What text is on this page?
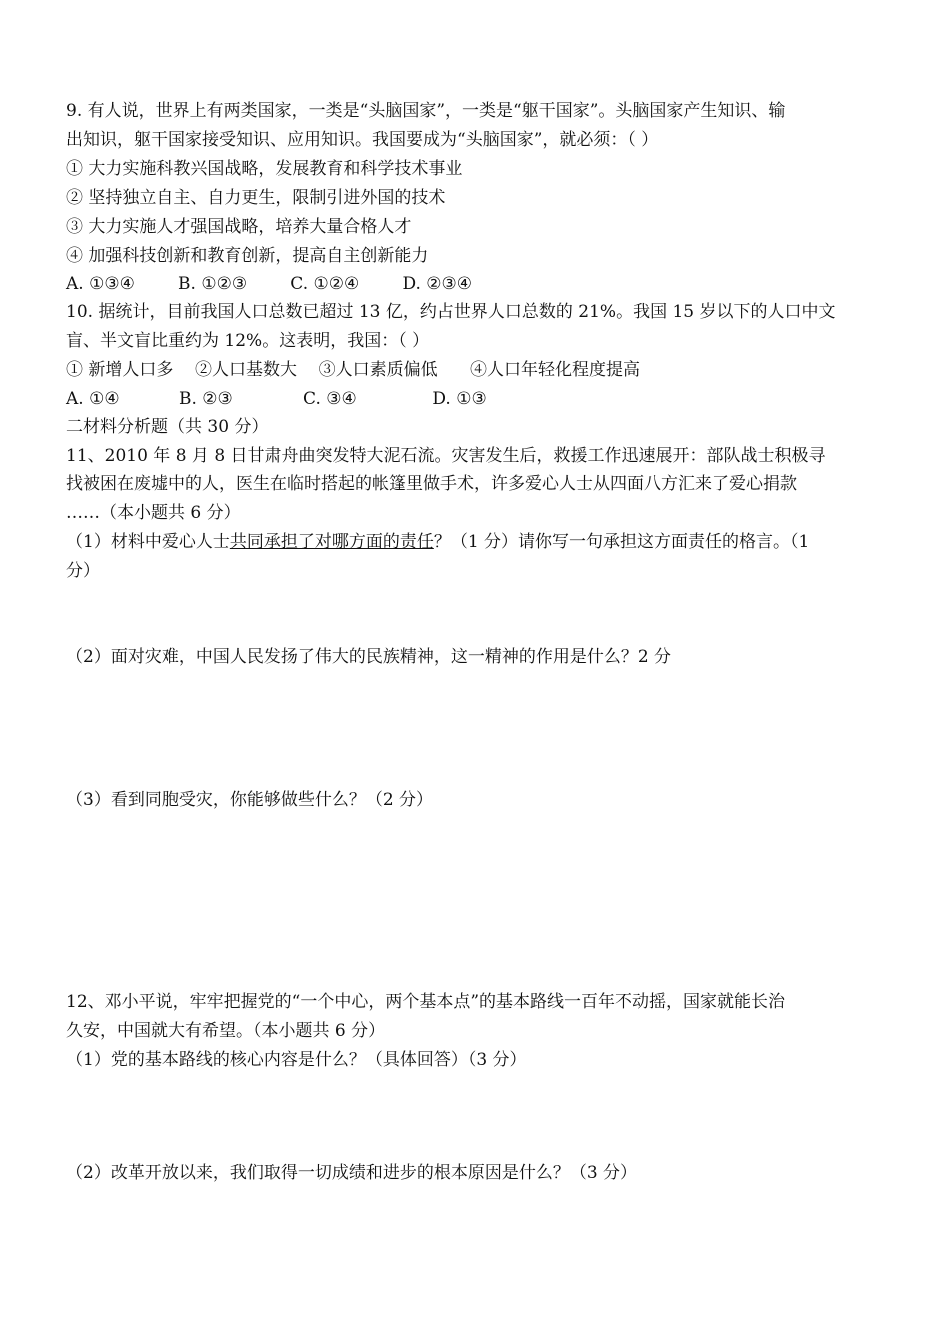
9. 有人说，世界上有两类国家，一类是“头脑国家”，一类是“躯干国家”。头脑国家产生知识、输
出知识，躯干国家接受知识、应用知识。我国要成为“头脑国家”，就必须：（ ）
① 大力实施科教兴国战略，发展教育和科学技术事业
② 坚持独立自主、自力更生，限制引进外国的技术
③ 大力实施人才强国战略，培养大量合格人才
④ 加强科技创新和教育创新，提高自主创新能力
A. ①③④        B. ①②③        C. ①②④        D. ②③④
10. 据统计，目前我国人口总数已超过 13 亿，约占世界人口总数的 21%。我国 15 岁以下的人口中文
盲、半文盲比重约为 12%。这表明，我国：（ ）
① 新增人口多    ②人口基数大    ③人口素质偏低      ④人口年轻化程度提高
A. ①④           B. ②③             C. ③④              D. ①③
二材料分析题（共 30 分）
11、2010 年 8 月 8 日甘肃舟曲突发特大泥石流。灾害发生后，救援工作迅速展开：部队战士积极寻
找被困在废墟中的人，医生在临时搭起的帐篷里做手术，许多爱心人士从四面八方汇来了爱心捐款
……（本小题共 6 分）
（1）材料中爱心人士共同承担了对哪方面的责任？（1 分）请你写一句承担这方面责任的格言。（1
分）
（2）面对灾难，中国人民发扬了伟大的民族精神，这一精神的作用是什么？2 分
（3）看到同胞受灾，你能够做些什么？（2 分）
12、邓小平说，牢牢把握党的“一个中心，两个基本点”的基本路线一百年不动摇，国家就能长治
久安，中国就大有希望。（本小题共 6 分）
（1）党的基本路线的核心内容是什么？（具体回答）（3 分）
（2）改革开放以来，我们取得一切成绩和进步的根本原因是什么？（3 分）
